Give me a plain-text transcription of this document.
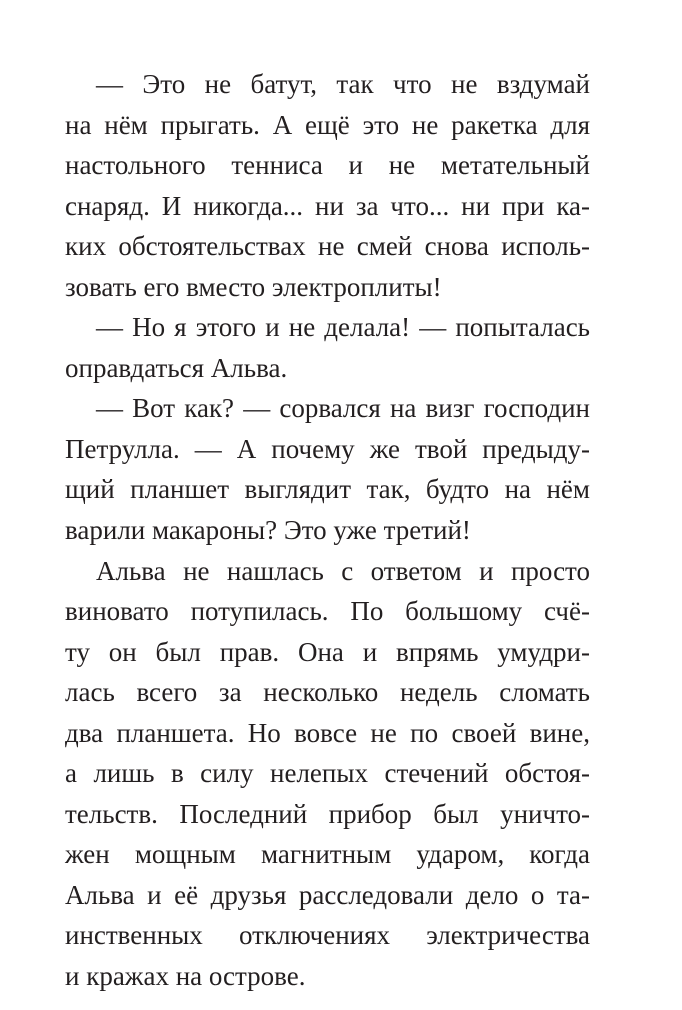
— Это не батут, так что не вздумай
на нём прыгать. А ещё это не ракетка для
настольного тенниса и не метательный
снаряд. И никогда... ни за что... ни при ка-
ких обстоятельствах не смей снова исполь-
зовать его вместо электроплиты!
— Но я этого и не делала! — попыталась
оправдаться Альва.
— Вот как? — сорвался на визг господин
Петрулла. — А почему же твой предыду-
щий планшет выглядит так, будто на нём
варили макароны? Это уже третий!
Альва не нашлась с ответом и просто
виновато потупилась. По большому счё-
ту он был прав. Она и впрямь умудри-
лась всего за несколько недель сломать
два планшета. Но вовсе не по своей вине,
а лишь в силу нелепых стечений обстоя-
тельств. Последний прибор был уничто-
жен мощным магнитным ударом, когда
Альва и её друзья расследовали дело о та-
инственных отключениях электричества
и кражах на острове.
